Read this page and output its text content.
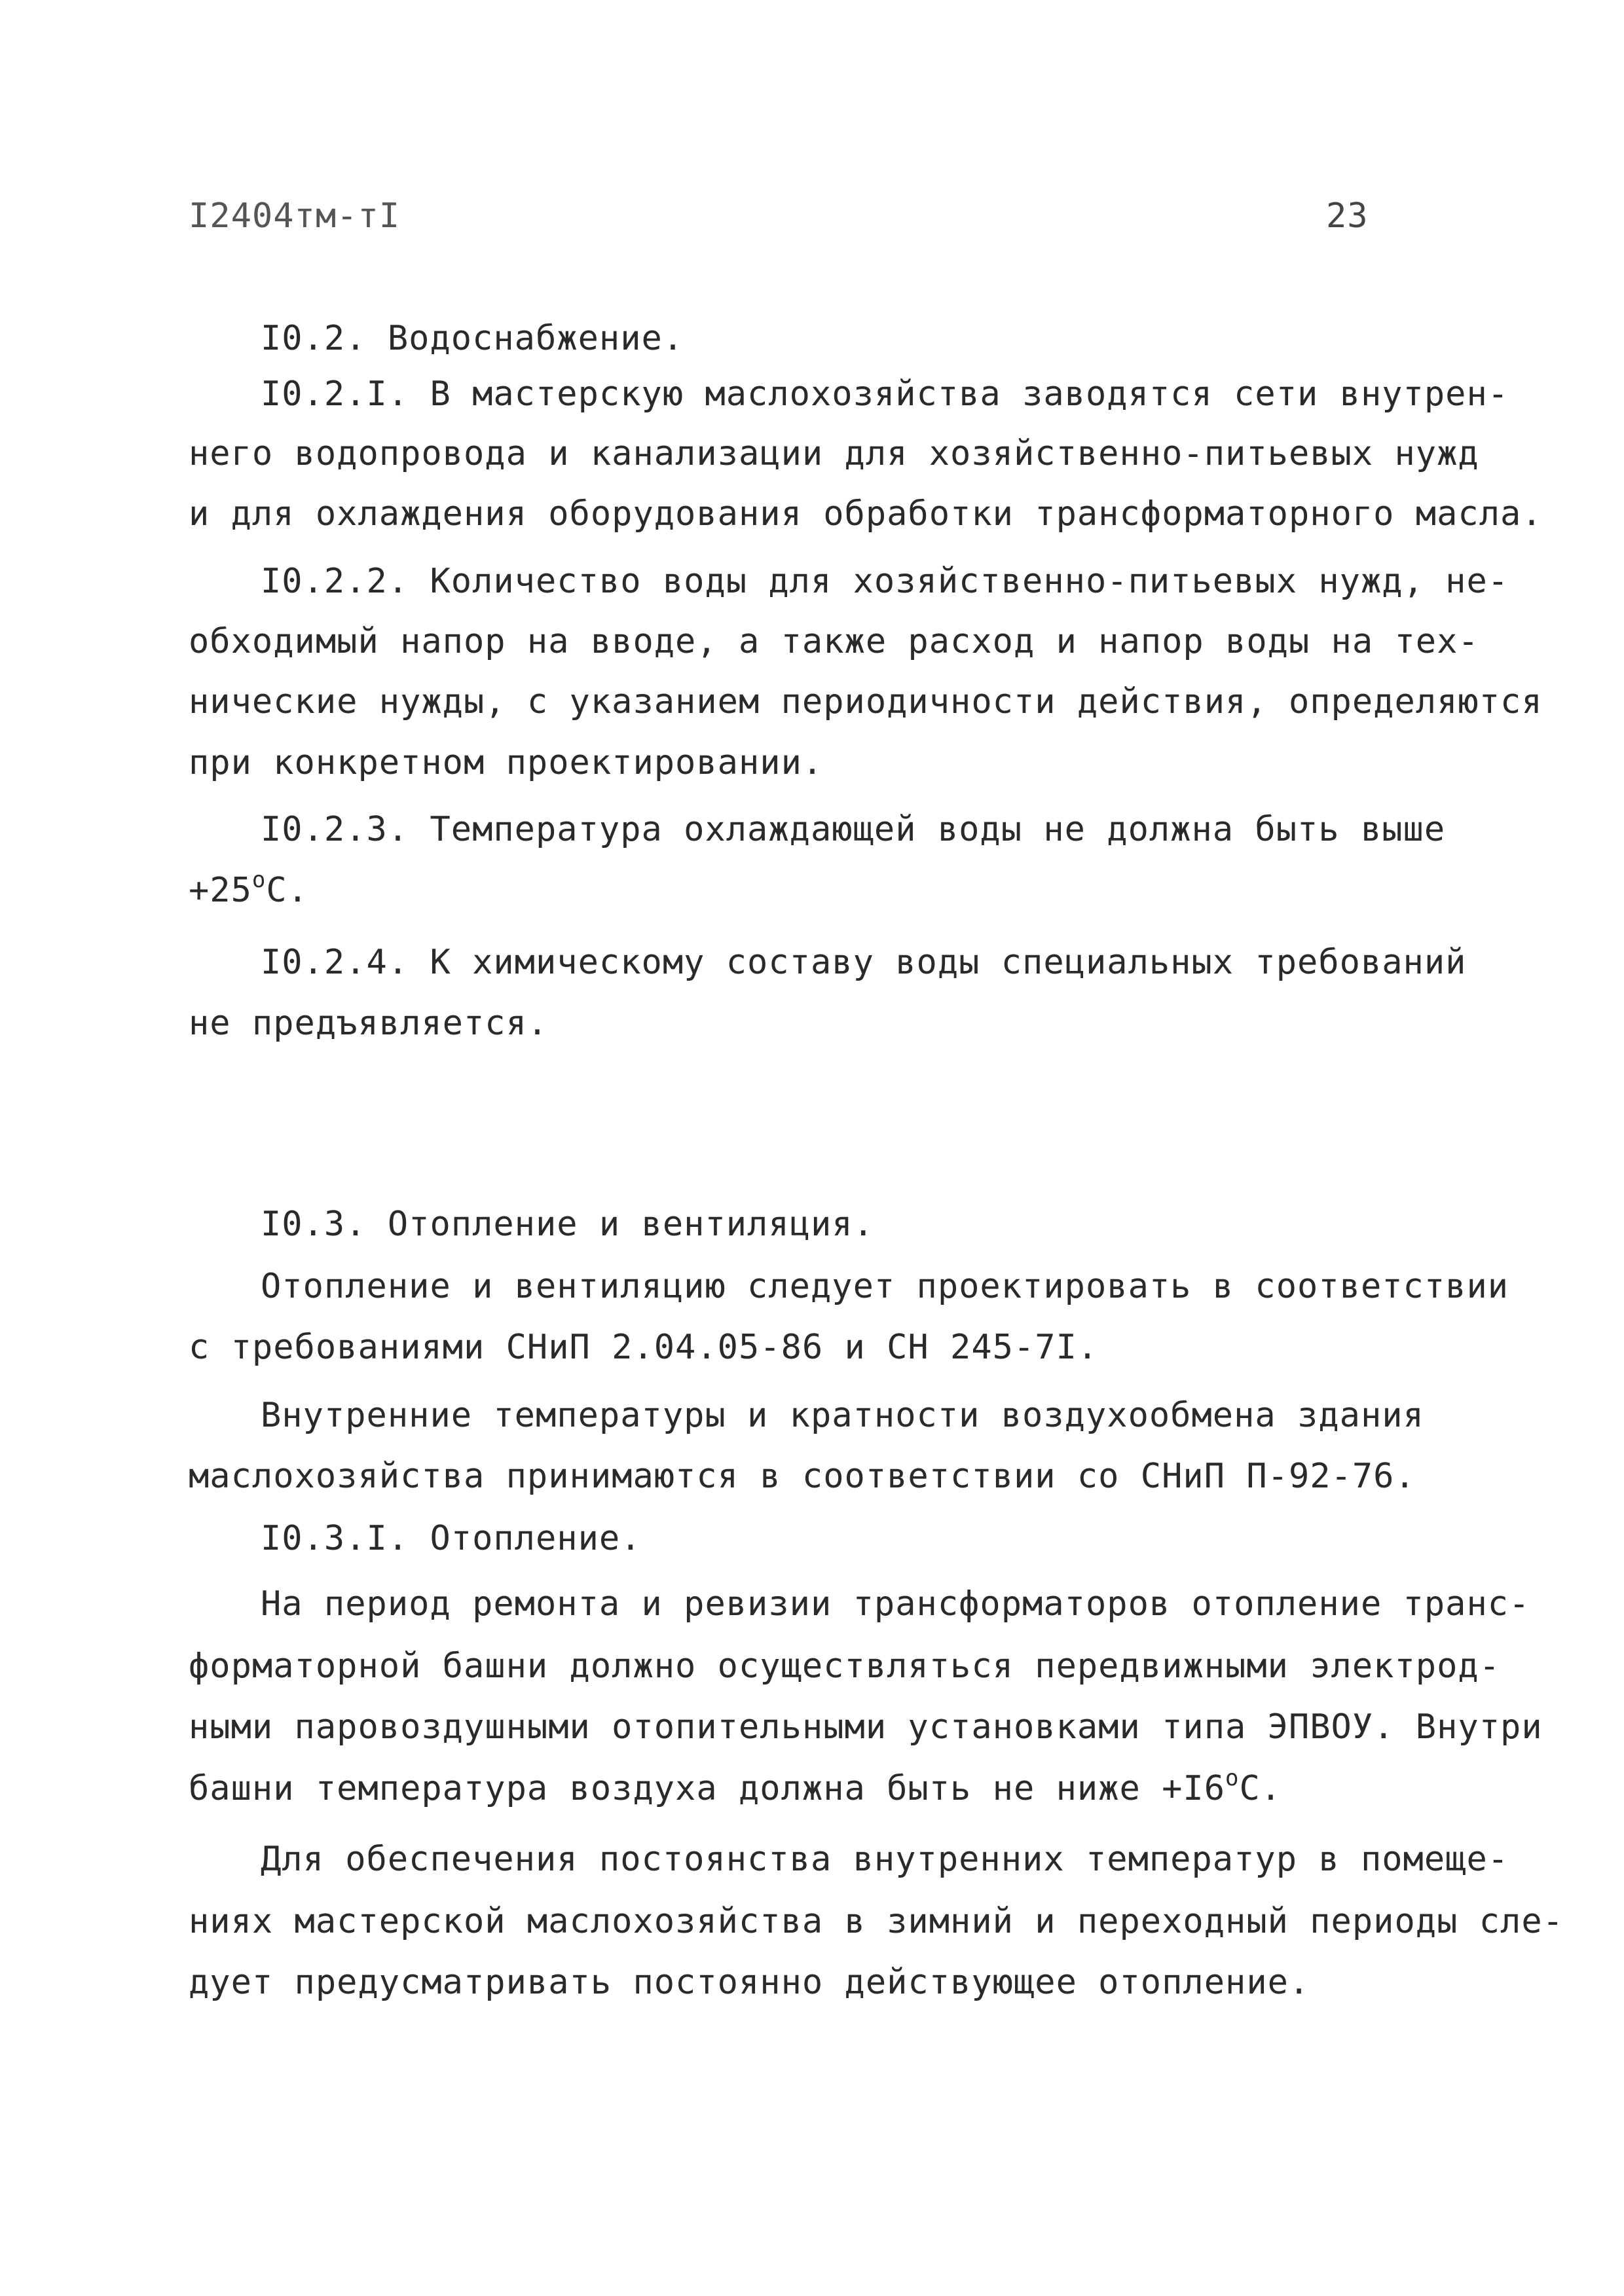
I2404тм-тI	23
I0.2. Водоснабжение.
I0.2.I. В мастерскую маслохозяйства заводятся сети внутрен-
него водопровода и канализации для хозяйственно-питьевых нужд
и для охлаждения оборудования обработки трансформаторного масла.
I0.2.2. Количество воды для хозяйственно-питьевых нужд, не-
обходимый напор на вводе, а также расход и напор воды на тех-
нические нужды, с указанием периодичности действия, определяются
при конкретном проектировании.
I0.2.3. Температура охлаждающей воды не должна быть выше
$+25^oС$.
I0.2.4. К химическому составу воды специальных требований
не предъявляется.
I0.3. Отопление и вентиляция.
Отопление и вентиляцию следует проектировать в соответствии
с требованиями СНиП 2.04.05-86 и СН 245-7I.
Внутренние температуры и кратности воздухообмена здания
маслохозяйства принимаются в соответствии со СНиП П-92-76.
I0.3.I. Отопление.
На период ремонта и ревизии трансформаторов отопление транс-
форматорной башни должно осуществляться передвижными электрод-
ными паровоздушными отопительными установками типа ЭПВОУ. Внутри
башни температура воздуха должна быть не ниже $+I6^oС$.
Для обеспечения постоянства внутренних температур в помеще-
ниях мастерской маслохозяйства в зимний и переходный периоды сле-
дует предусматривать постоянно действующее отопление.
